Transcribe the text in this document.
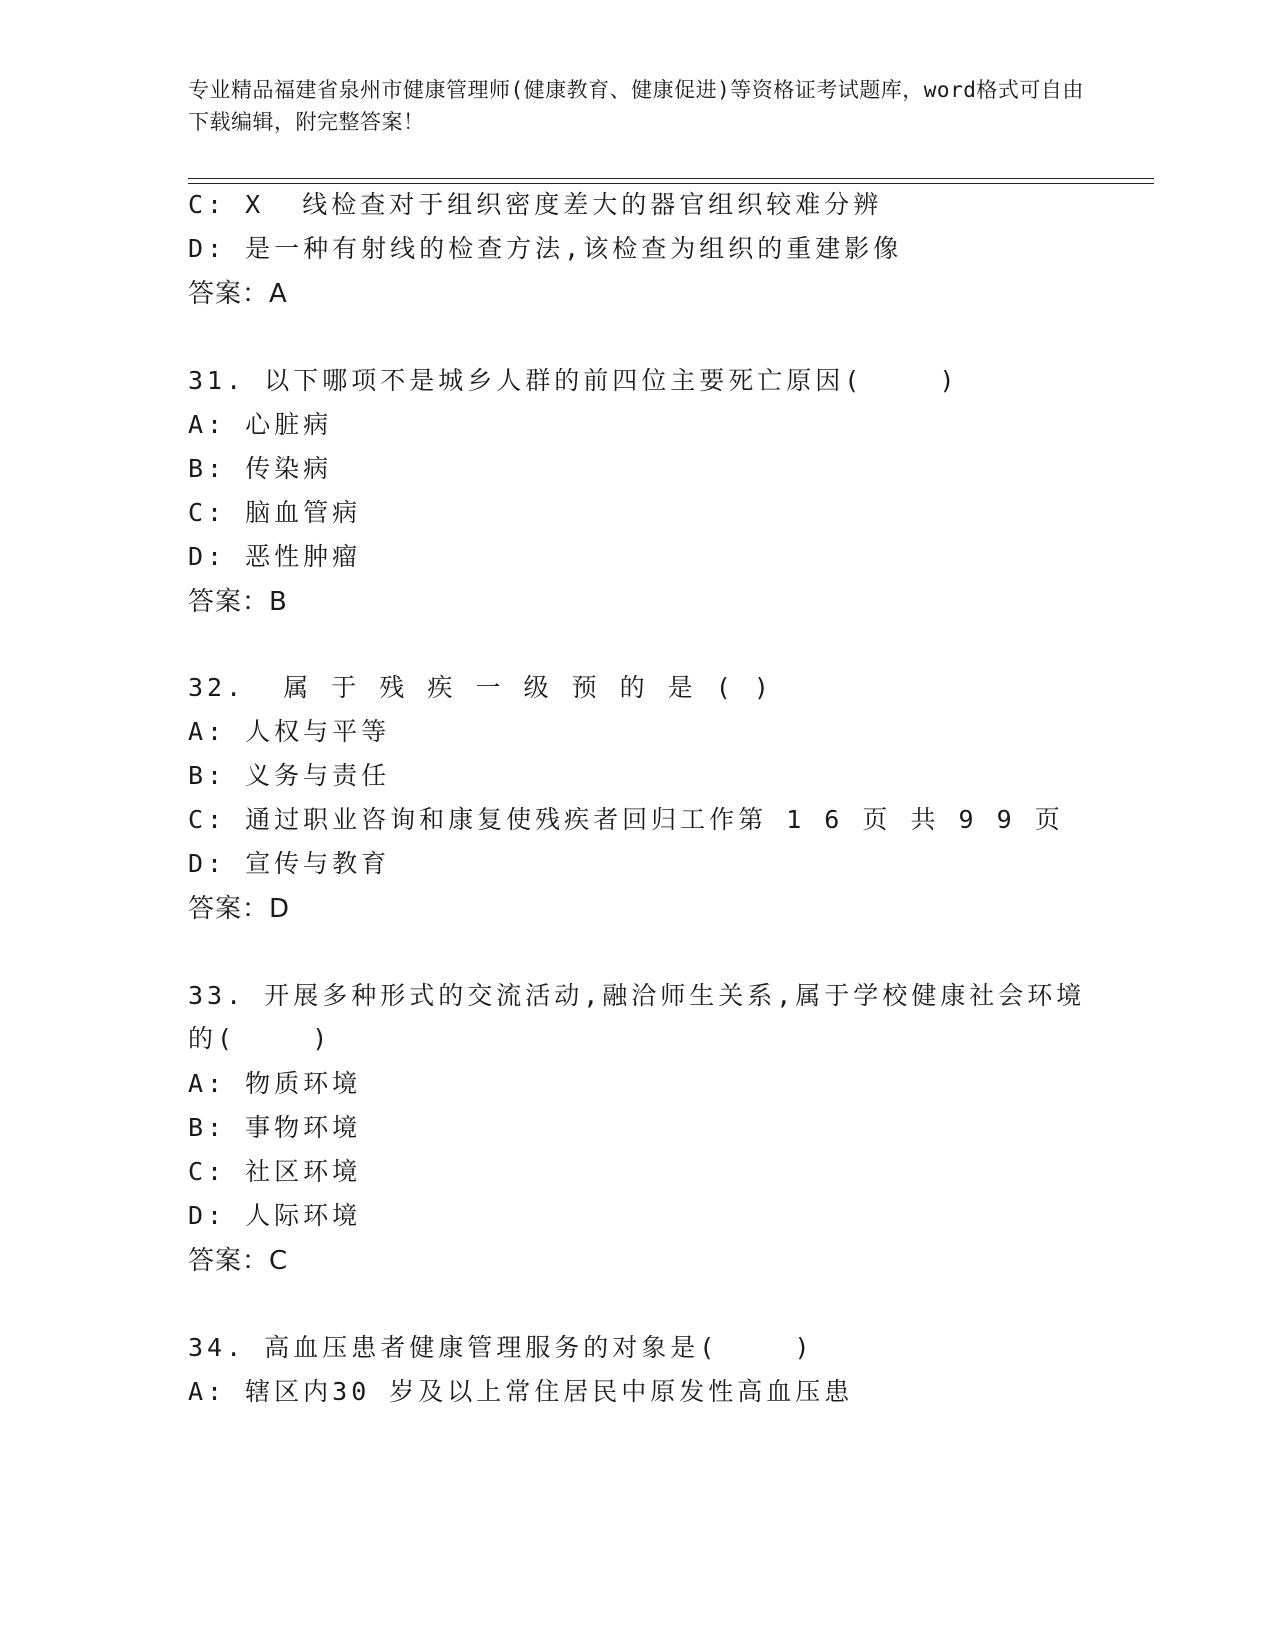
专业精品福建省泉州市健康管理师(健康教育、健康促进)等资格证考试题库，word格式可自由下载编辑，附完整答案！
C: X  线检查对于组织密度差大的器官组织较难分辨
D: 是一种有射线的检查方法,该检查为组织的重建影像
答案：A
31. 以下哪项不是城乡人群的前四位主要死亡原因(    )
A: 心脏病
B: 传染病
C: 脑血管病
D: 恶性肿瘤
答案：B
32.  属 于 残 疾 一 级 预 的 是 ( )
A: 人权与平等
B: 义务与责任
C: 通过职业咨询和康复使残疾者回归工作第 1 6 页 共 9 9 页
D: 宣传与教育
答案：D
33. 开展多种形式的交流活动,融洽师生关系,属于学校健康社会环境
的(    )
A: 物质环境
B: 事物环境
C: 社区环境
D: 人际环境
答案：C
34. 高血压患者健康管理服务的对象是(    )
A: 辖区内30 岁及以上常住居民中原发性高血压患
